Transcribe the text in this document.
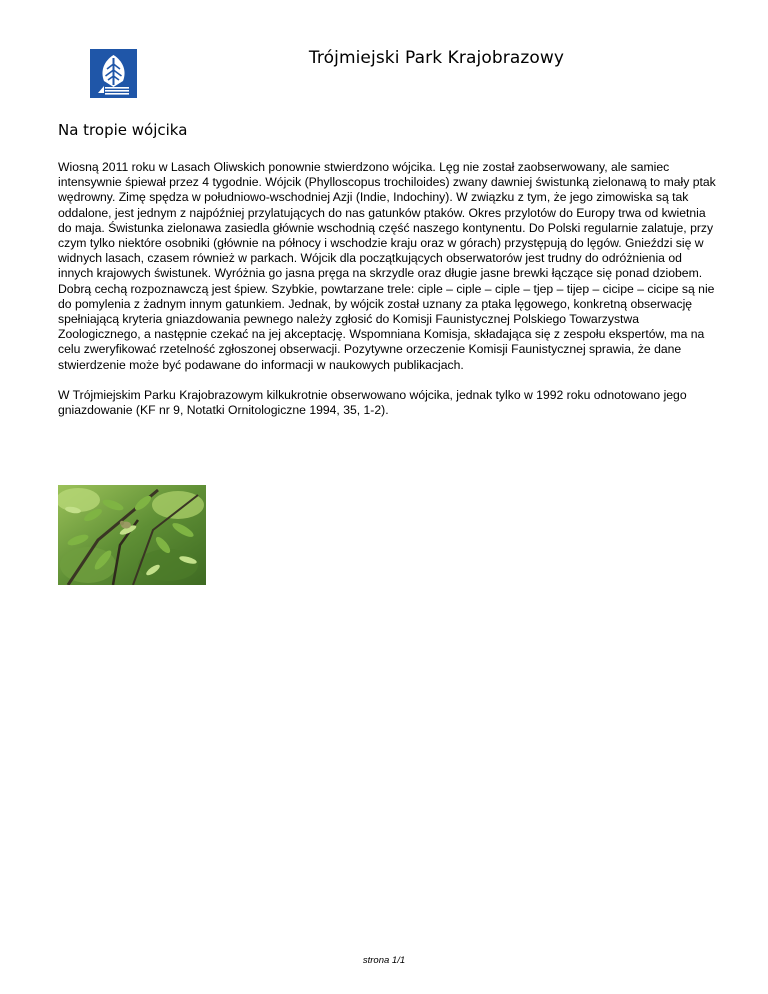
Trójmiejski Park Krajobrazowy
Na tropie wójcika

Wiosną 2011 roku w Lasach Oliwskich ponownie stwierdzono wójcika. Lęg nie został zaobserwowany, ale samiec intensywnie śpiewał przez 4 tygodnie. Wójcik (Phylloscopus trochiloides) zwany dawniej świstunką zielonawą to mały ptak wędrowny. Zimę spędza w południowo-wschodniej Azji (Indie, Indochiny). W związku z tym, że jego zimowiska są tak oddalone, jest jednym z najpóźniej przylatujących do nas gatunków ptaków. Okres przylotów do Europy trwa od kwietnia do maja. Świstunka zielonawa zasiedla głównie wschodnią część naszego kontynentu. Do Polski regularnie zalatuje, przy czym tylko niektóre osobniki (głównie na północy i wschodzie kraju oraz w górach) przystępują do lęgów. Gnieździ się w widnych lasach, czasem również w parkach. Wójcik dla początkujących obserwatorów jest trudny do odróżnienia od innych krajowych świstunek. Wyróżnia go jasna pręga na skrzydle oraz długie jasne brewki łączące się ponad dziobem. Dobrą cechą rozpoznawczą jest śpiew. Szybkie, powtarzane trele: ciple – ciple – ciple – tjep – tijep – cicipe – cicipe są nie do pomylenia z żadnym innym gatunkiem. Jednak, by wójcik został uznany za ptaka lęgowego, konkretną obserwację spełniającą kryteria gniazdowania pewnego należy zgłosić do Komisji Faunistycznej Polskiego Towarzystwa Zoologicznego, a następnie czekać na jej akceptację. Wspomniana Komisja, składająca się z zespołu ekspertów, ma na celu zweryfikować rzetelność zgłoszonej obserwacji. Pozytywne orzeczenie Komisji Faunistycznej sprawia, że dane stwierdzenie może być podawane do informacji w naukowych publikacjach.

W Trójmiejskim Parku Krajobrazowym kilkukrotnie obserwowano wójcika, jednak tylko w 1992 roku odnotowano jego gniazdowanie (KF nr 9, Notatki Ornitologiczne 1994, 35, 1-2).

strona 1/1
